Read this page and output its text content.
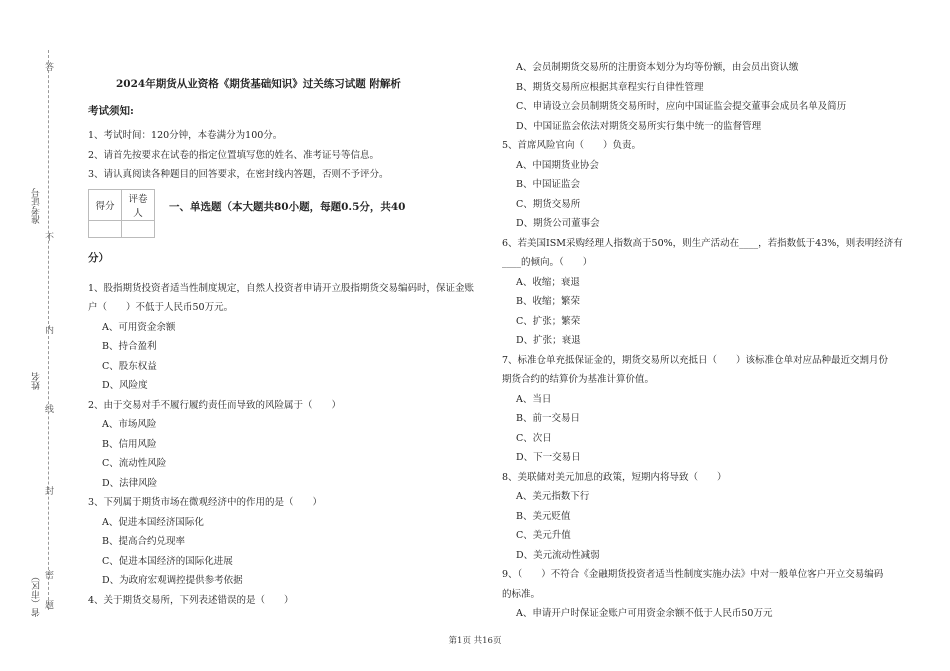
准考证号
姓名
省（市区）
答
不
内
线
封
密
题
2024年期货从业资格《期货基础知识》过关练习试题 附解析
考试须知:
1、考试时间：120分钟，本卷满分为100分。
2、请首先按要求在试卷的指定位置填写您的姓名、准考证号等信息。
3、请认真阅读各种题目的回答要求，在密封线内答题，否则不予评分。
得分	评卷人

一、单选题（本大题共80小题，每题0.5分，共40
分）
1、股指期货投资者适当性制度规定，自然人投资者申请开立股指期货交易编码时，保证金账
户（　　）不低于人民币50万元。
A、可用资金余额
B、持合盈利
C、股东权益
D、风险度
2、由于交易对手不履行履约责任而导致的风险属于（　　）
A、市场风险
B、信用风险
C、流动性风险
D、法律风险
3、下列属于期货市场在微观经济中的作用的是（　　）
A、促进本国经济国际化
B、提高合约兑现率
C、促进本国经济的国际化进展
D、为政府宏观调控提供参考依据
4、关于期货交易所，下列表述错误的是（　　）
A、会员制期货交易所的注册资本划分为均等份额，由会员出资认缴
B、期货交易所应根据其章程实行自律性管理
C、申请设立会员制期货交易所时，应向中国证监会提交董事会成员名单及简历
D、中国证监会依法对期货交易所实行集中统一的监督管理
5、首席风险官向（　　）负责。
A、中国期货业协会
B、中国证监会
C、期货交易所
D、期货公司董事会
6、若美国ISM采购经理人指数高于50%，则生产活动在____，若指数低于43%，则表明经济有
____的倾向。（　　）
A、收缩；衰退
B、收缩；繁荣
C、扩张；繁荣
D、扩张；衰退
7、标准仓单充抵保证金的，期货交易所以充抵日（　　）该标准仓单对应品种最近交割月份
期货合约的结算价为基准计算价值。
A、当日
B、前一交易日
C、次日
D、下一交易日
8、美联储对美元加息的政策，短期内将导致（　　）
A、美元指数下行
B、美元贬值
C、美元升值
D、美元流动性减弱
9、（　　）不符合《金融期货投资者适当性制度实施办法》中对一般单位客户开立交易编码
的标准。
A、申请开户时保证金账户可用资金余额不低于人民币50万元
第1页 共16页
